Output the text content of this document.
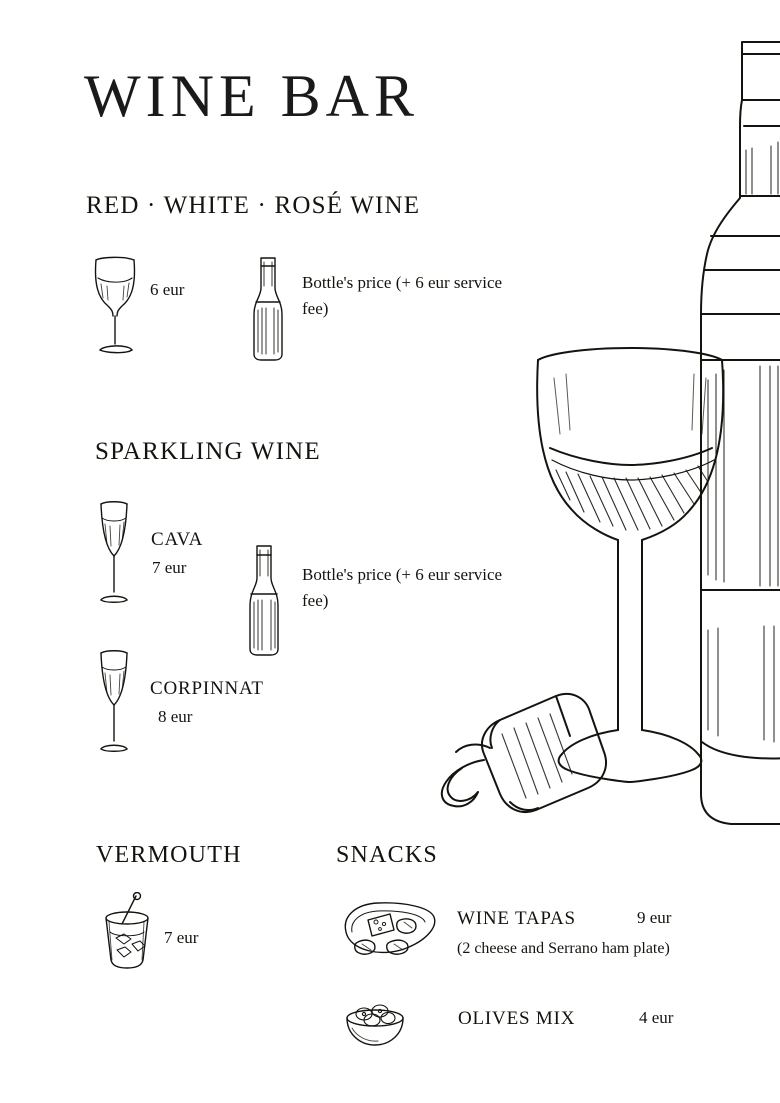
WINE BAR
RED · WHITE · ROSÉ WINE
6 eur	Bottle's price (+ 6 eur service fee)
SPARKLING WINE
CAVA
7 eur	Bottle's price (+ 6 eur service fee)
CORPINNAT
8 eur
VERMOUTH
7 eur
SNACKS
WINE TAPAS	9 eur
(2 cheese and Serrano ham plate)
OLIVES MIX	4 eur
